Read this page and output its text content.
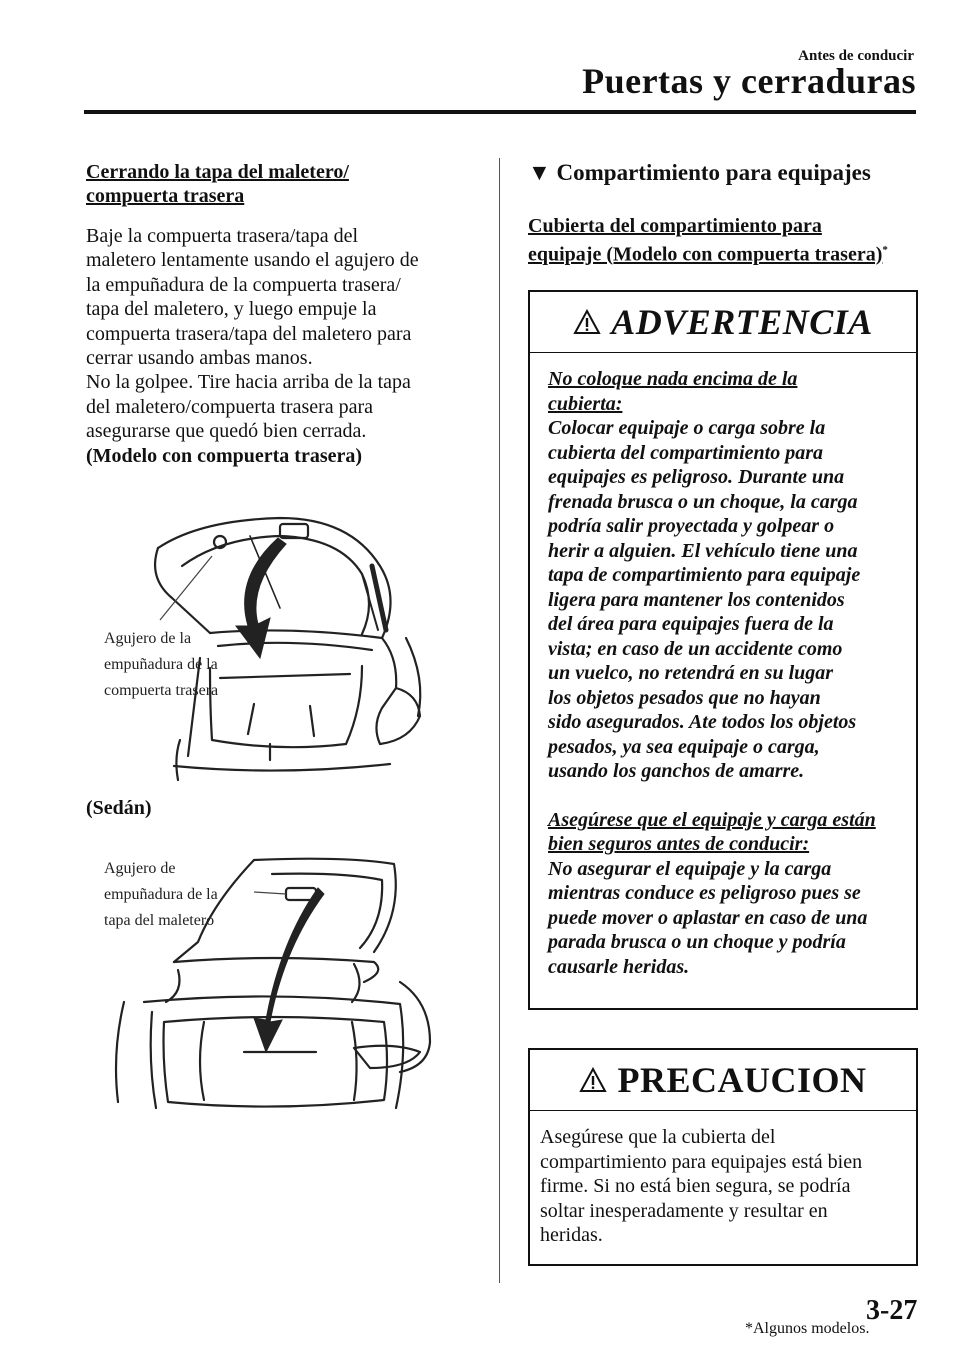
Antes de conducir
Puertas y cerraduras
Cerrando la tapa del maletero/
compuerta trasera
Baje la compuerta trasera/tapa del
maletero lentamente usando el agujero de
la empuñadura de la compuerta trasera/
tapa del maletero, y luego empuje la
compuerta trasera/tapa del maletero para
cerrar usando ambas manos.
No la golpee. Tire hacia arriba de la tapa
del maletero/compuerta trasera para
asegurarse que quedó bien cerrada.
(Modelo con compuerta trasera)
Agujero de la
empuñadura de la
compuerta trasera
(Sedán)
Agujero de
empuñadura de la
tapa del maletero
▼ Compartimiento para equipajes
Cubierta del compartimiento para
equipaje (Modelo con compuerta trasera)*
ADVERTENCIA
No coloque nada encima de la
cubierta:
Colocar equipaje o carga sobre la
cubierta del compartimiento para
equipajes es peligroso. Durante una
frenada brusca o un choque, la carga
podría salir proyectada y golpear o
herir a alguien. El vehículo tiene una
tapa de compartimiento para equipaje
ligera para mantener los contenidos
del área para equipajes fuera de la
vista; en caso de un accidente como
un vuelco, no retendrá en su lugar
los objetos pesados que no hayan
sido asegurados. Ate todos los objetos
pesados, ya sea equipaje o carga,
usando los ganchos de amarre.
Asegúrese que el equipaje y carga están
bien seguros antes de conducir:
No asegurar el equipaje y la carga
mientras conduce es peligroso pues se
puede mover o aplastar en caso de una
parada brusca o un choque y podría
causarle heridas.
PRECAUCION
Asegúrese que la cubierta del
compartimiento para equipajes está bien
firme. Si no está bien segura, se podría
soltar inesperadamente y resultar en
heridas.
*Algunos modelos.
3-27
